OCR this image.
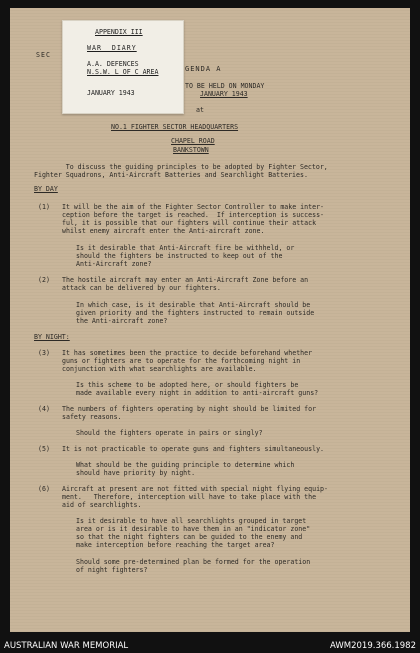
SEC

GENDA A

TO BE HELD ON MONDAY

JANUARY 1943

at

NO.1 FIGHTER SECTOR HEADQUARTERS

CHAPEL ROAD

BANKSTOWN

APPENDIX III

WAR  DIARY

A.A. DEFENCES

N.S.W. L OF C AREA

JANUARY 1943

To discuss the guiding principles to be adopted by Fighter Sector,

Fighter Squadrons, Anti-Aircraft Batteries and Searchlight Batteries.

BY DAY

(1) It will be the aim of the Fighter Sector Controller to make inter-

ception before the target is reached.  If interception is success-

ful, it is possible that our fighters will continue their attack

whilst enemy aircraft enter the Anti-aircraft zone.

Is it desirable that Anti-Aircraft fire be withheld, or

should the fighters be instructed to keep out of the

Anti-Aircraft zone?

(2) The hostile aircraft may enter an Anti-Aircraft Zone before an

attack can be delivered by our fighters.

In which case, is it desirable that Anti-Aircraft should be

given priority and the fighters instructed to remain outside

the Anti-aircraft zone?

BY NIGHT:

(3) It has sometimes been the practice to decide beforehand whether

guns or fighters are to operate for the forthcoming night in

conjunction with what searchlights are available.

Is this scheme to be adopted here, or should fighters be

made available every night in addition to anti-aircraft guns?

(4) The numbers of fighters operating by night should be limited for

safety reasons.

Should the fighters operate in pairs or singly?

(5) It is not practicable to operate guns and fighters simultaneously.

What should be the guiding principle to determine which

should have priority by night.

(6) Aircraft at present are not fitted with special night flying equip-

ment.   Therefore, interception will have to take place with the

aid of searchlights.

Is it desirable to have all searchlights grouped in target

area or is it desirable to have them in an "indicator zone"

so that the night fighters can be guided to the enemy and

make interception before reaching the target area?

Should some pre-determined plan be formed for the operation

of night fighters?

AUSTRALIAN WAR MEMORIAL	AWM2019.366.1982
